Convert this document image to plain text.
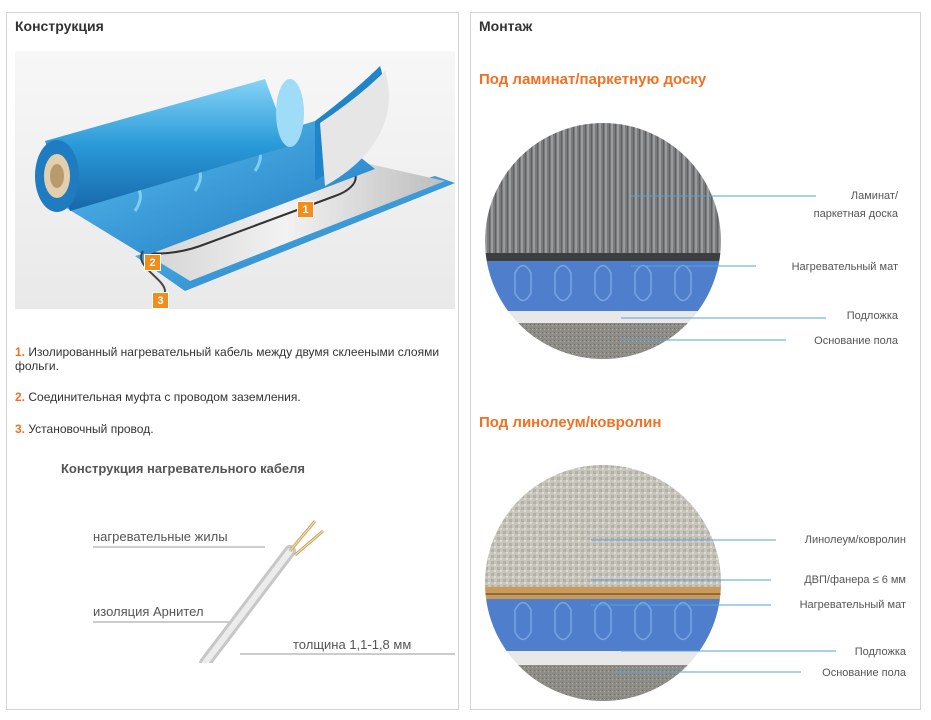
Конструкция
1
2
3
1. Изолированный нагревательный кабель между двумя склееными слоями фольги.
2. Соединительная муфта с проводом заземления.
3. Установочный провод.
Конструкция нагревательного кабеля
нагревательные жилы
изоляция Арнител
толщина 1,1-1,8 мм
Монтаж
Под ламинат/паркетную доску
Ламинат/
паркетная доска
Нагревательный мат
Подложка
Основание пола
Под линолеум/ковролин
Линолеум/ковролин
ДВП/фанера ≤ 6 мм
Нагревательный мат
Подложка
Основание пола
